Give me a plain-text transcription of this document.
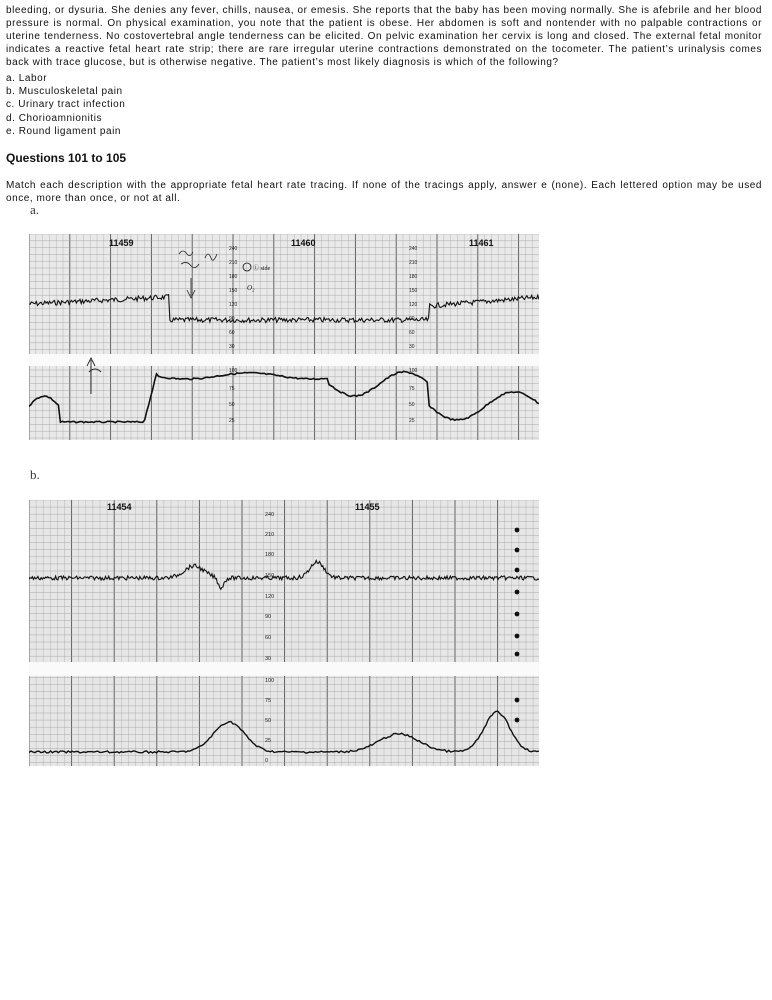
bleeding, or dysuria. She denies any fever, chills, nausea, or emesis. She reports that the baby has been moving normally. She is afebrile and her blood pressure is normal. On physical examination, you note that the patient is obese. Her abdomen is soft and nontender with no palpable contractions or uterine tenderness. No costovertebral angle tenderness can be elicited. On pelvic examination her cervix is long and closed. The external fetal monitor indicates a reactive fetal heart rate strip; there are rare irregular uterine contractions demonstrated on the tocometer. The patient’s urinalysis comes back with trace glucose, but is otherwise negative. The patient’s most likely diagnosis is which of the following?

a. Labor
b. Musculoskeletal pain
c. Urinary tract infection
d. Chorioamnionitis
e. Round ligament pain
Questions 101 to 105

Match each description with the appropriate fetal heart rate tracing. If none of the tracings apply, answer e (none). Each lettered option may be used once, more than once, or not at all.

a.
11459	11460	11461
240
210
180
150
120
90
60
30
240
210
180
150
120
90
60
30
100
75
50
25
100
75
50
25
Ⓛ side
O₂
b.
11454	11455
240
210
180
150
120
90
60
30
100
75
50
25
0
